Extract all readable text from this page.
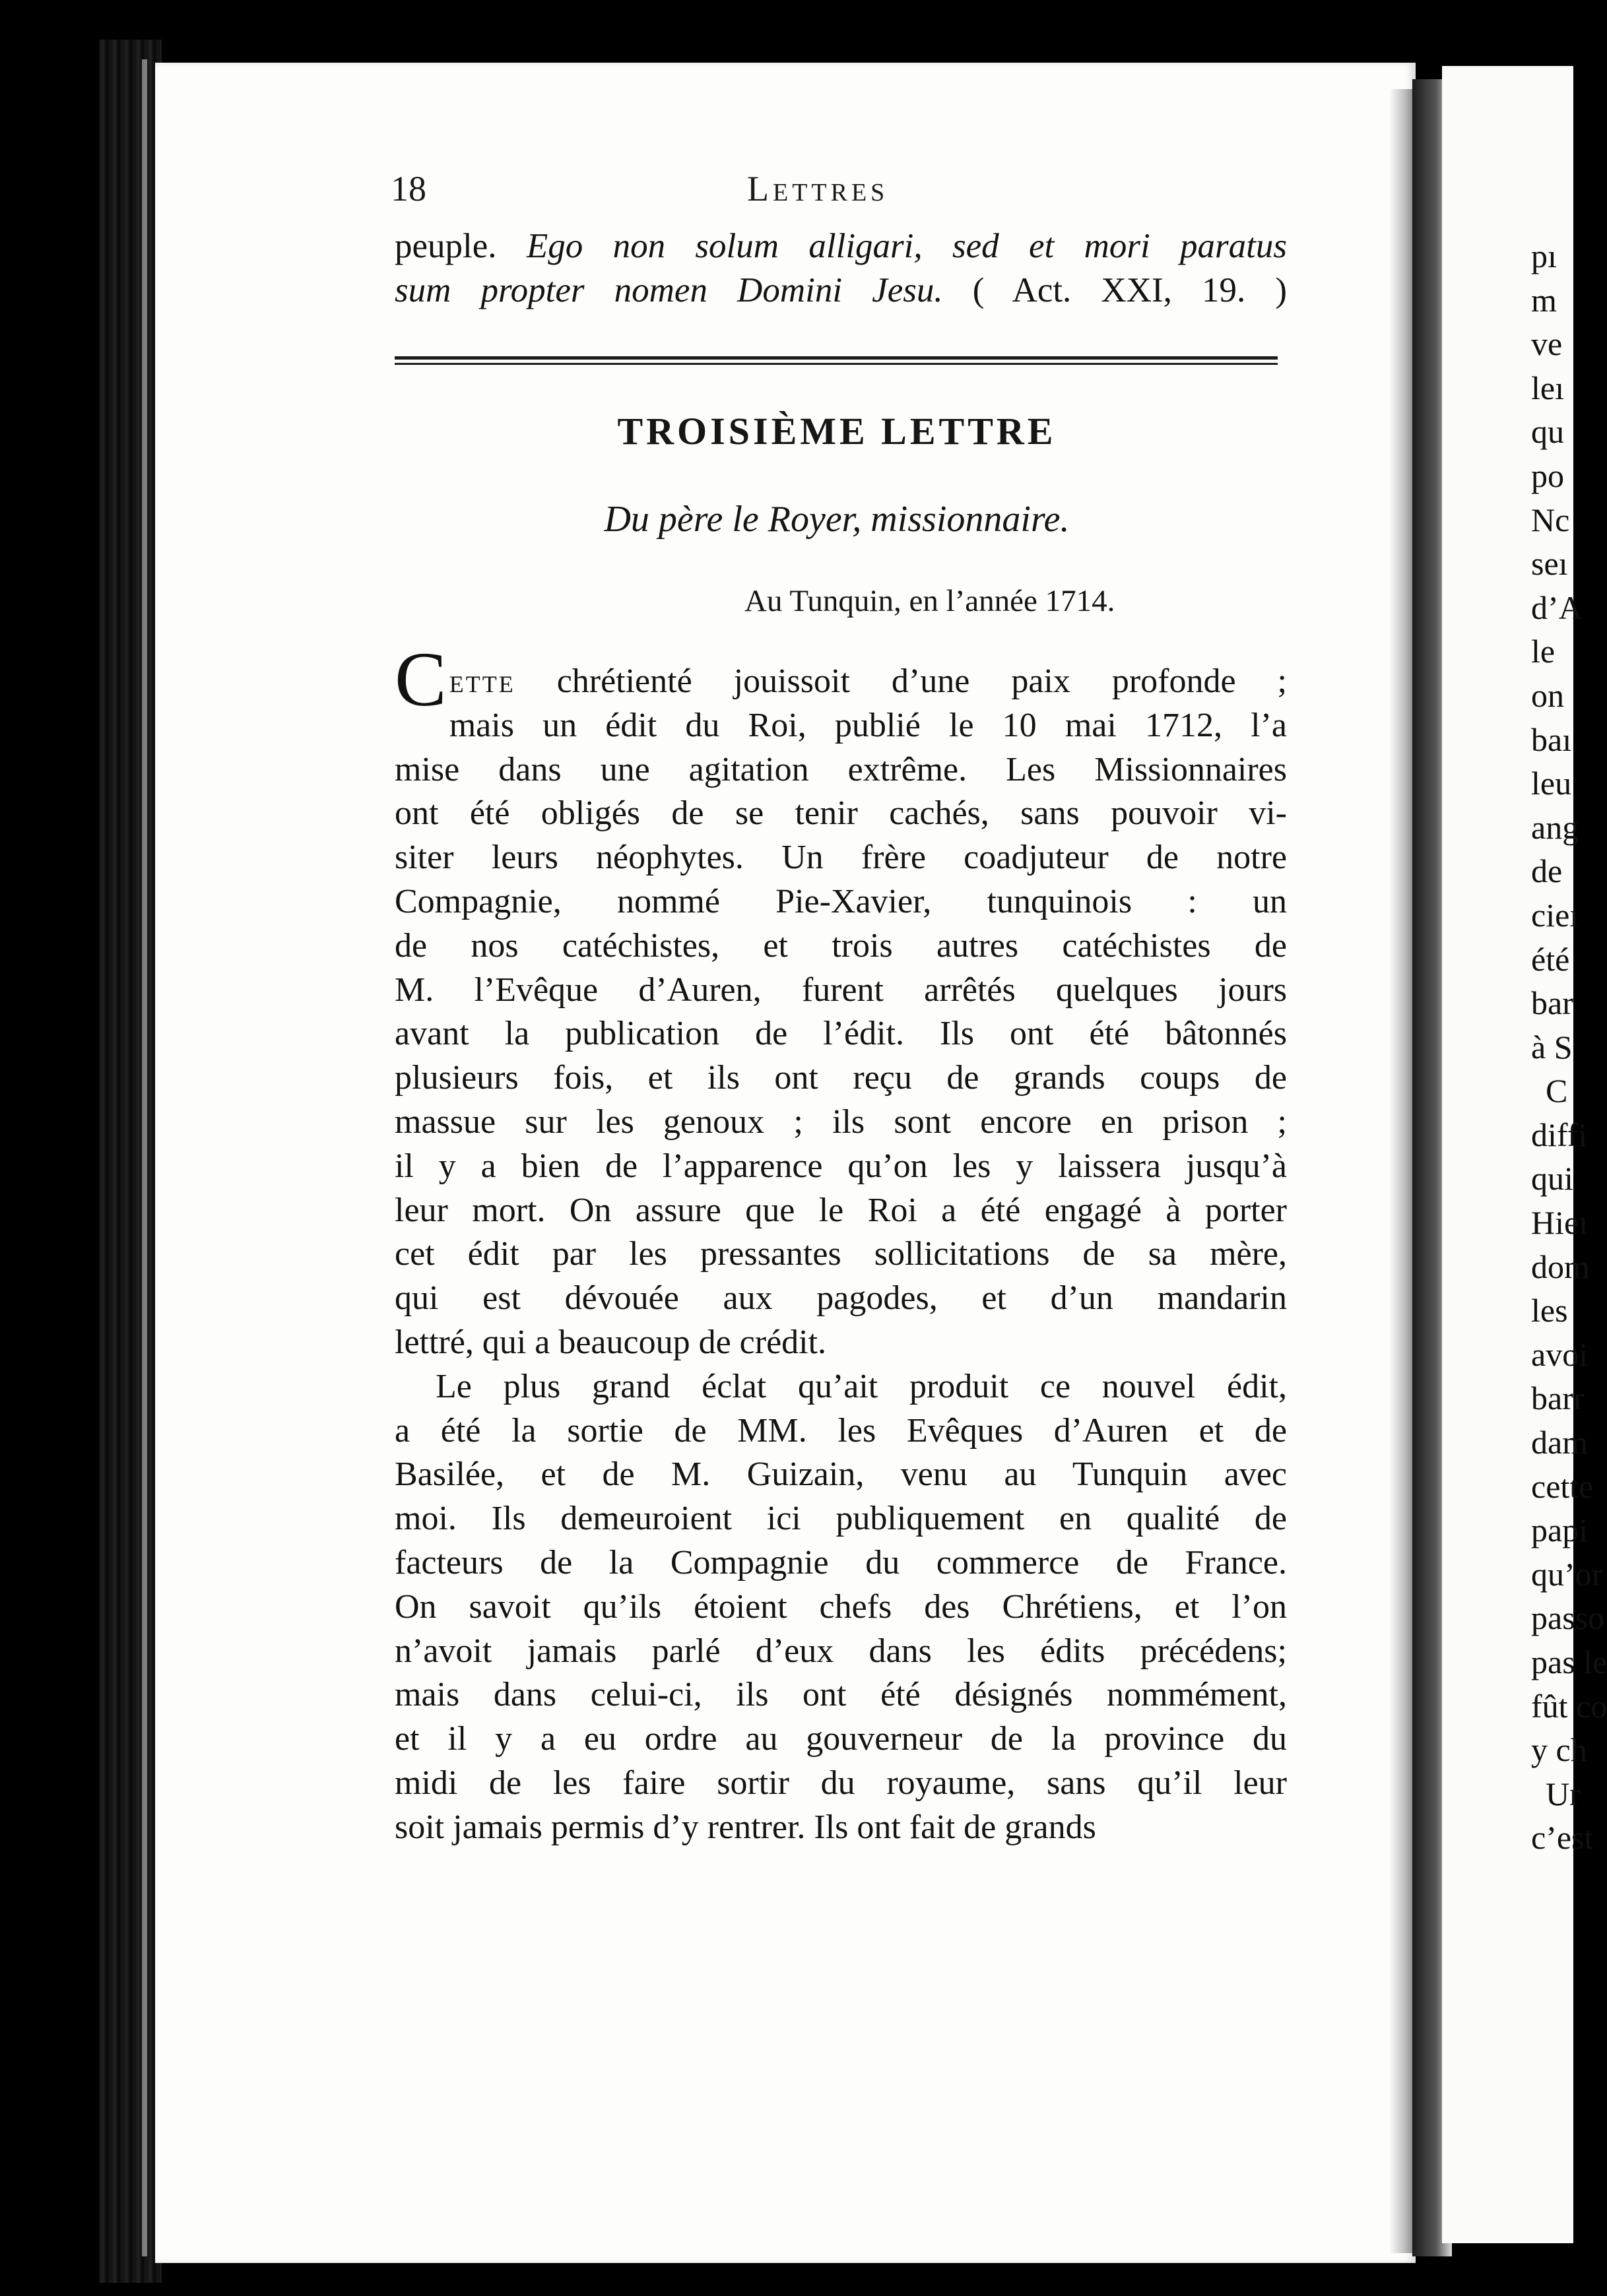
pı
m
ve
leı
qu
po
Nc
seı
d’A
le
on
baı
leu
ang
de
cieı
été
bar
à S
C
diffi
qui
Hieı
dom
les
avoi
barr
dam
cette
papi
qu’or
passo
pas le
fût co
y ch
Ur
c’est
18	Lettres
peuple. Ego non solum alligari, sed et mori paratus
sum propter nomen Domini Jesu. ( Act. XXI, 19. )
TROISIÈME LETTRE
Du père le Royer, missionnaire.
Au Tunquin, en l’année 1714.
C ette chrétienté jouissoit d’une paix profonde ;
mais un édit du Roi, publié le 10 mai 1712, l’a
mise dans une agitation extrême. Les Missionnaires
ont été obligés de se tenir cachés, sans pouvoir vi-
siter leurs néophytes. Un frère coadjuteur de notre
Compagnie, nommé Pie-Xavier, tunquinois : un
de nos catéchistes, et trois autres catéchistes de
M. l’Evêque d’Auren, furent arrêtés quelques jours
avant la publication de l’édit. Ils ont été bâtonnés
plusieurs fois, et ils ont reçu de grands coups de
massue sur les genoux ; ils sont encore en prison ;
il y a bien de l’apparence qu’on les y laissera jusqu’à
leur mort. On assure que le Roi a été engagé à porter
cet édit par les pressantes sollicitations de sa mère,
qui est dévouée aux pagodes, et d’un mandarin
lettré, qui a beaucoup de crédit.
Le plus grand éclat qu’ait produit ce nouvel édit,
a été la sortie de MM. les Evêques d’Auren et de
Basilée, et de M. Guizain, venu au Tunquin avec
moi. Ils demeuroient ici publiquement en qualité de
facteurs de la Compagnie du commerce de France.
On savoit qu’ils étoient chefs des Chrétiens, et l’on
n’avoit jamais parlé d’eux dans les édits précédens;
mais dans celui-ci, ils ont été désignés nommément,
et il y a eu ordre au gouverneur de la province du
midi de les faire sortir du royaume, sans qu’il leur
soit jamais permis d’y rentrer. Ils ont fait de grands
